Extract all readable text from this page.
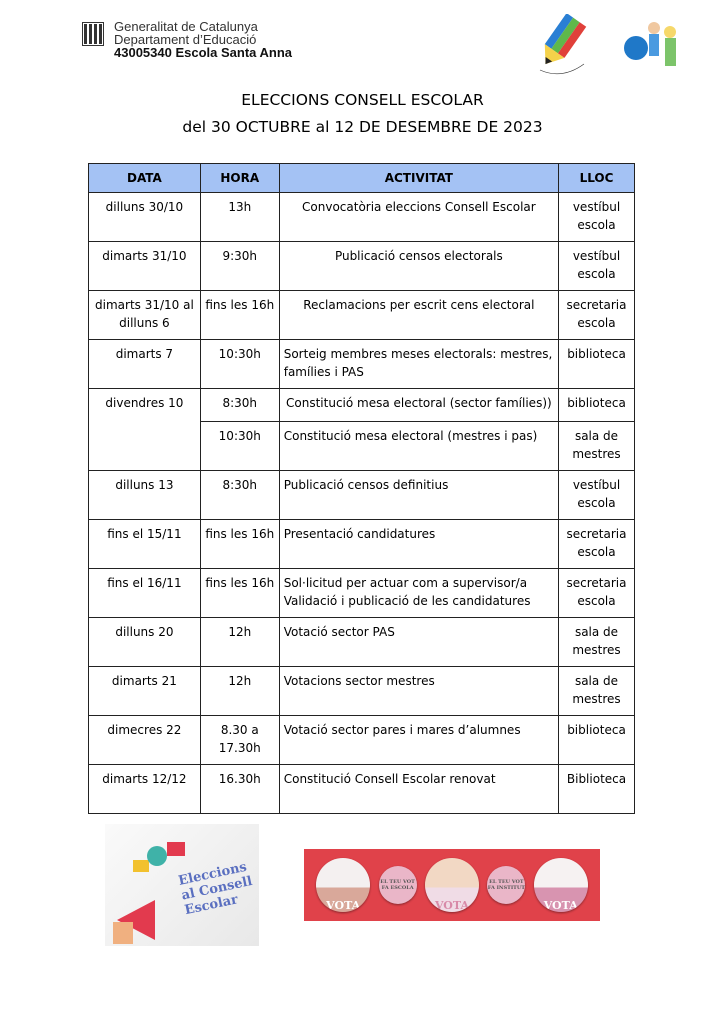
Generalitat de Catalunya
Departament d’Educació
43005340 Escola Santa Anna
ELECCIONS CONSELL ESCOLAR
del 30 OCTUBRE al 12 DE DESEMBRE DE 2023
DATA	HORA	ACTIVITAT	LLOC
dilluns 30/10	13h	Convocatòria eleccions Consell Escolar	vestíbul escola
dimarts 31/10	9:30h	Publicació censos electorals	vestíbul escola
dimarts 31/10 al dilluns 6	fins les 16h	Reclamacions per escrit cens electoral	secretaria escola
dimarts 7	10:30h	Sorteig membres meses electorals: mestres, famílies i PAS	biblioteca
divendres 10	8:30h	Constitució mesa electoral (sector famílies))	biblioteca
	10:30h	Constitució mesa electoral (mestres i pas)	sala de mestres
dilluns 13	8:30h	Publicació censos definitius	vestíbul escola
fins el 15/11	fins les 16h	Presentació candidatures	secretaria escola
fins el 16/11	fins les 16h	Sol·licitud per actuar com a supervisor/a Validació i publicació de les candidatures	secretaria escola
dilluns 20	12h	Votació sector PAS	sala de mestres
dimarts 21	12h	Votacions sector mestres	sala de mestres
dimecres 22	8.30 a 17.30h	Votació sector pares i mares d’alumnes	biblioteca
dimarts 12/12	16.30h	Constitució Consell Escolar renovat	Biblioteca
Eleccions al Consell Escolar	VOTA
EL TEU VOT FA ESCOLA
VOTA
EL TEU VOT FA INSTITUT
VOTA
